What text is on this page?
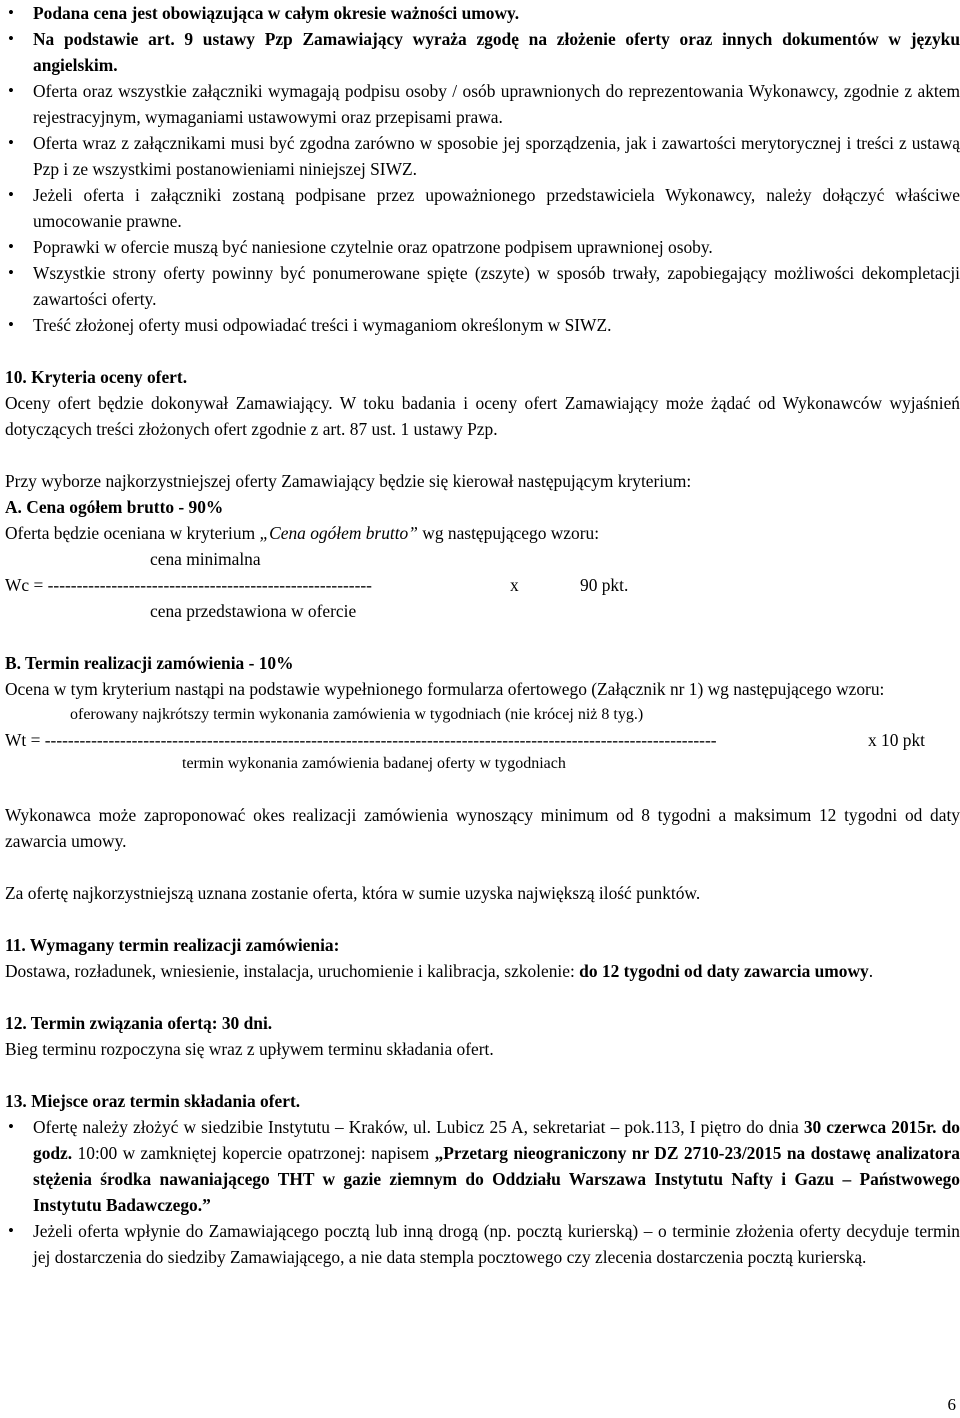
• Podana cena jest obowiązująca w całym okresie ważności umowy.
• Na podstawie art. 9 ustawy Pzp Zamawiający wyraża zgodę na złożenie oferty oraz innych dokumentów w języku angielskim.
• Oferta oraz wszystkie załączniki wymagają podpisu osoby / osób uprawnionych do reprezentowania Wykonawcy, zgodnie z aktem rejestracyjnym, wymaganiami ustawowymi oraz przepisami prawa.
• Oferta wraz z załącznikami musi być zgodna zarówno w sposobie jej sporządzenia, jak i zawartości merytorycznej i treści z ustawą Pzp i ze wszystkimi postanowieniami niniejszej SIWZ.
• Jeżeli oferta i załączniki zostaną podpisane przez upoważnionego przedstawiciela Wykonawcy, należy dołączyć właściwe umocowanie prawne.
• Poprawki w ofercie muszą być naniesione czytelnie oraz opatrzone podpisem uprawnionej osoby.
• Wszystkie strony oferty powinny być ponumerowane spięte (zszyte) w sposób trwały, zapobiegający możliwości dekompletacji zawartości oferty.
• Treść złożonej oferty musi odpowiadać treści i wymaganiom określonym w SIWZ.
10. Kryteria oceny ofert.
Oceny ofert będzie dokonywał Zamawiający. W toku badania i oceny ofert Zamawiający może żądać od Wykonawców wyjaśnień dotyczących treści złożonych ofert zgodnie z art. 87 ust. 1 ustawy Pzp.
Przy wyborze najkorzystniejszej oferty Zamawiający będzie się kierował następującym kryterium:
A. Cena ogółem brutto - 90%
Oferta będzie oceniana w kryterium „Cena ogółem brutto” wg następującego wzoru:
cena minimalna
Wc = --------------------------------------------------------	x	90 pkt.
cena przedstawiona w ofercie
B. Termin realizacji zamówienia - 10%
Ocena w tym kryterium nastąpi na podstawie wypełnionego formularza ofertowego (Załącznik nr 1) wg następującego wzoru:
oferowany najkrótszy termin wykonania zamówienia w tygodniach (nie krócej niż 8 tyg.)
Wt = --------------------------------------------------------------------------------------------------------------------	x 10 pkt
termin wykonania zamówienia badanej oferty w tygodniach
Wykonawca może zaproponować okes realizacji zamówienia wynoszący minimum od 8 tygodni a maksimum 12 tygodni od daty zawarcia umowy.
Za ofertę najkorzystniejszą uznana zostanie oferta, która w sumie uzyska największą ilość punktów.
11. Wymagany termin realizacji zamówienia:
Dostawa, rozładunek, wniesienie, instalacja, uruchomienie i kalibracja, szkolenie: do 12 tygodni od daty zawarcia umowy.
12. Termin związania ofertą: 30 dni.
Bieg terminu rozpoczyna się wraz z upływem terminu składania ofert.
13. Miejsce oraz termin składania ofert.
• Ofertę należy złożyć w siedzibie Instytutu – Kraków, ul. Lubicz 25 A, sekretariat – pok.113, I piętro do dnia 30 czerwca 2015r. do godz. 10:00 w zamkniętej kopercie opatrzonej: napisem „Przetarg nieograniczony nr DZ 2710-23/2015 na dostawę analizatora stężenia środka nawaniającego THT w gazie ziemnym do Oddziału Warszawa Instytutu Nafty i Gazu – Państwowego Instytutu Badawczego.”
• Jeżeli oferta wpłynie do Zamawiającego pocztą lub inną drogą (np. pocztą kurierską) – o terminie złożenia oferty decyduje termin jej dostarczenia do siedziby Zamawiającego, a nie data stempla pocztowego czy zlecenia dostarczenia pocztą kurierską.
6
